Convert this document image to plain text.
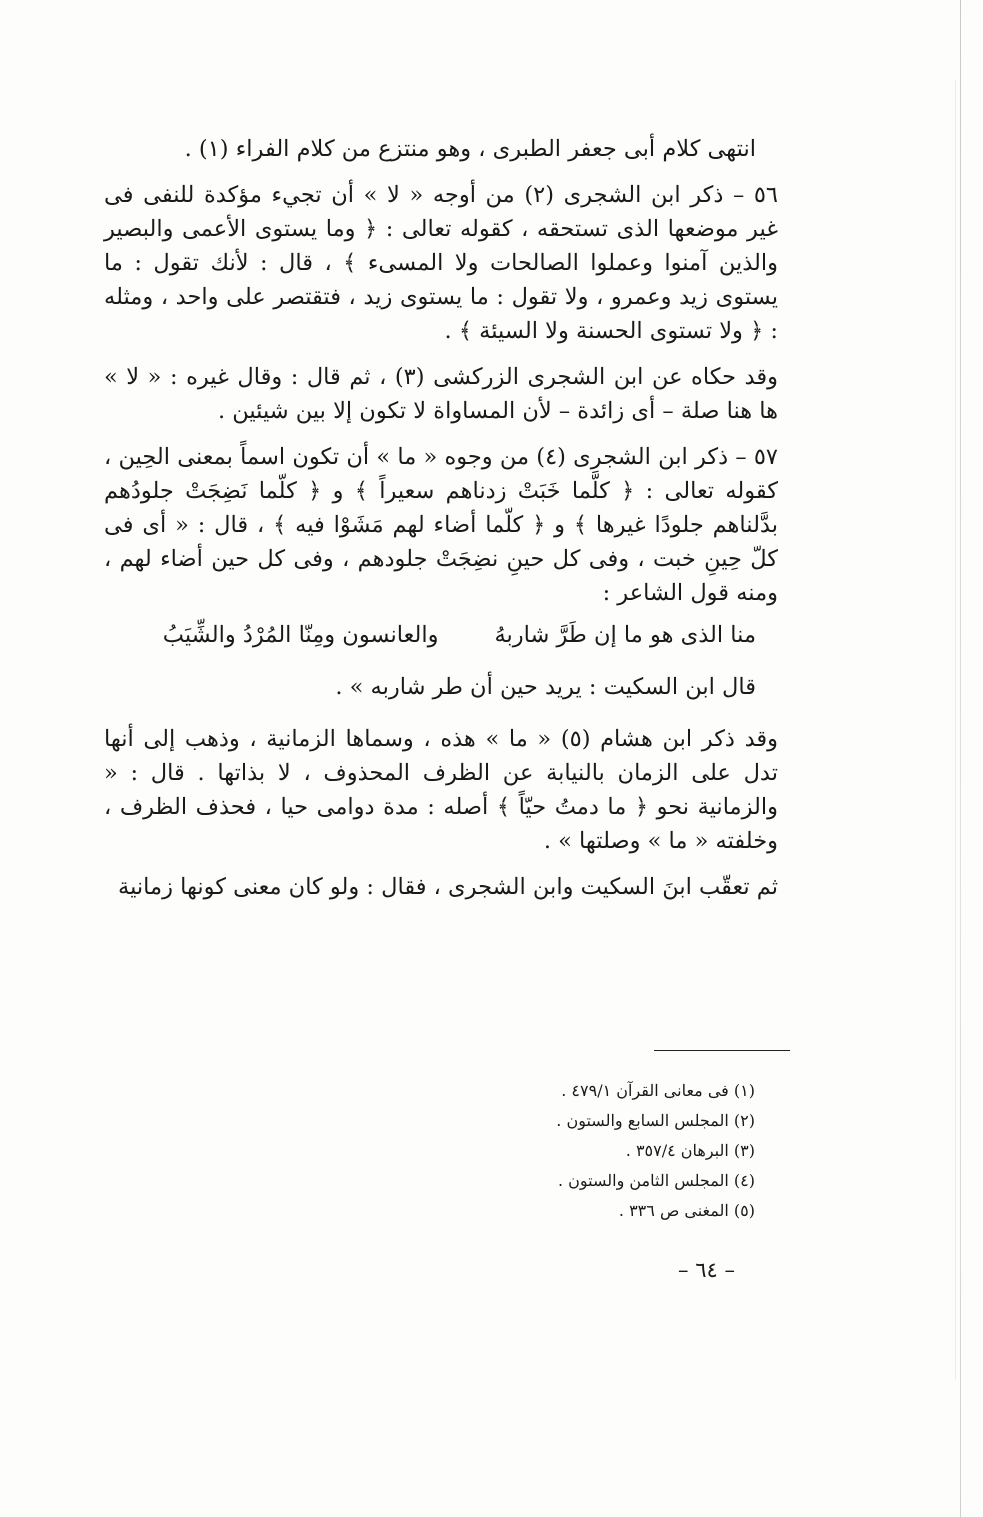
انتهى كلام أبى جعفر الطبرى ، وهو منتزع من كلام الفراء (١) .

٥٦ – ذكر ابن الشجرى (٢) من أوجه « لا » أن تجيء مؤكدة للنفى فى غير موضعها الذى تستحقه ، كقوله تعالى : ﴿ وما يستوى الأعمى والبصير والذين آمنوا وعملوا الصالحات ولا المسىء ﴾ ، قال : لأنك تقول : ما يستوى زيد وعمرو ، ولا تقول : ما يستوى زيد ، فتقتصر على واحد ، ومثله : ﴿ ولا تستوى الحسنة ولا السيئة ﴾ .

وقد حكاه عن ابن الشجرى الزركشى (٣) ، ثم قال : وقال غيره : « لا » ها هنا صلة – أى زائدة – لأن المساواة لا تكون إلا بين شيئين .

٥٧ – ذكر ابن الشجرى (٤) من وجوه « ما » أن تكون اسماً بمعنى الحِين ، كقوله تعالى : ﴿ كلَّما خَبَتْ زدناهم سعيراً ﴾ و ﴿ كلّما نَضِجَتْ جلودُهم بدَّلناهم جلودًا غيرها ﴾ و ﴿ كلّما أضاء لهم مَشَوْا فيه ﴾ ، قال : « أى فى كلّ حِينِ خبت ، وفى كل حينِ نضِجَتْ جلودهم ، وفى كل حين أضاء لهم ، ومنه قول الشاعر :

منا الذى هو ما إن طَرَّ شاربهُ
والعانسون ومِنّا المُرْدُ والشِّيَبُ

قال ابن السكيت : يريد حين أن طر شاربه » .

وقد ذكر ابن هشام (٥) « ما » هذه ، وسماها الزمانية ، وذهب إلى أنها تدل على الزمان بالنيابة عن الظرف المحذوف ، لا بذاتها . قال : « والزمانية نحو ﴿ ما دمتُ حيّاً ﴾ أصله : مدة دوامى حيا ، فحذف الظرف ، وخلفته « ما » وصلتها » .

ثم تعقّب ابنَ السكيت وابن الشجرى ، فقال : ولو كان معنى كونها زمانية

(١) فى معانى القرآن ٤٧٩/١ .
(٢) المجلس السابع والستون .
(٣) البرهان ٣٥٧/٤ .
(٤) المجلس الثامن والستون .
(٥) المغنى ص ٣٣٦ .
– ٦٤ –
